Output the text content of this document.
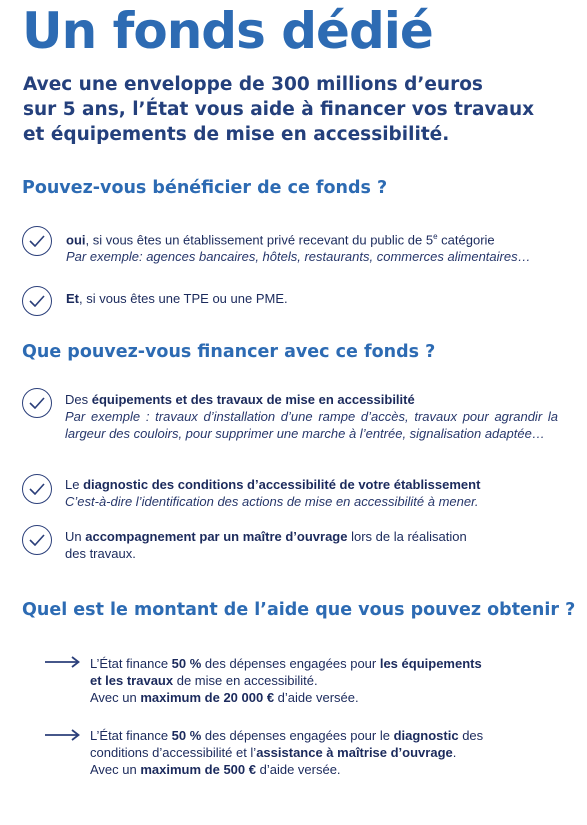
Un fonds dédié
Avec une enveloppe de 300 millions d’euros
sur 5 ans, l’État vous aide à financer vos travaux
et équipements de mise en accessibilité.
Pouvez-vous bénéficier de ce fonds ?
oui, si vous êtes un établissement privé recevant du public de 5e catégorie
Par exemple: agences bancaires, hôtels, restaurants, commerces alimentaires…
Et, si vous êtes une TPE ou une PME.
Que pouvez-vous financer avec ce fonds ?
Des équipements et des travaux de mise en accessibilité
Par exemple : travaux d’installation d’une rampe d’accès, travaux pour agrandir la largeur des couloirs, pour supprimer une marche à l’entrée, signalisation adaptée…
Le diagnostic des conditions d’accessibilité de votre établissement
C’est-à-dire l’identification des actions de mise en accessibilité à mener.
Un accompagnement par un maître d’ouvrage lors de la réalisation
des travaux.
Quel est le montant de l’aide que vous pouvez obtenir ?
L’État finance 50 % des dépenses engagées pour les équipements
et les travaux de mise en accessibilité.
Avec un maximum de 20 000 € d’aide versée.
L’État finance 50 % des dépenses engagées pour le diagnostic des
conditions d’accessibilité et l’assistance à maîtrise d’ouvrage.
Avec un maximum de 500 € d’aide versée.
